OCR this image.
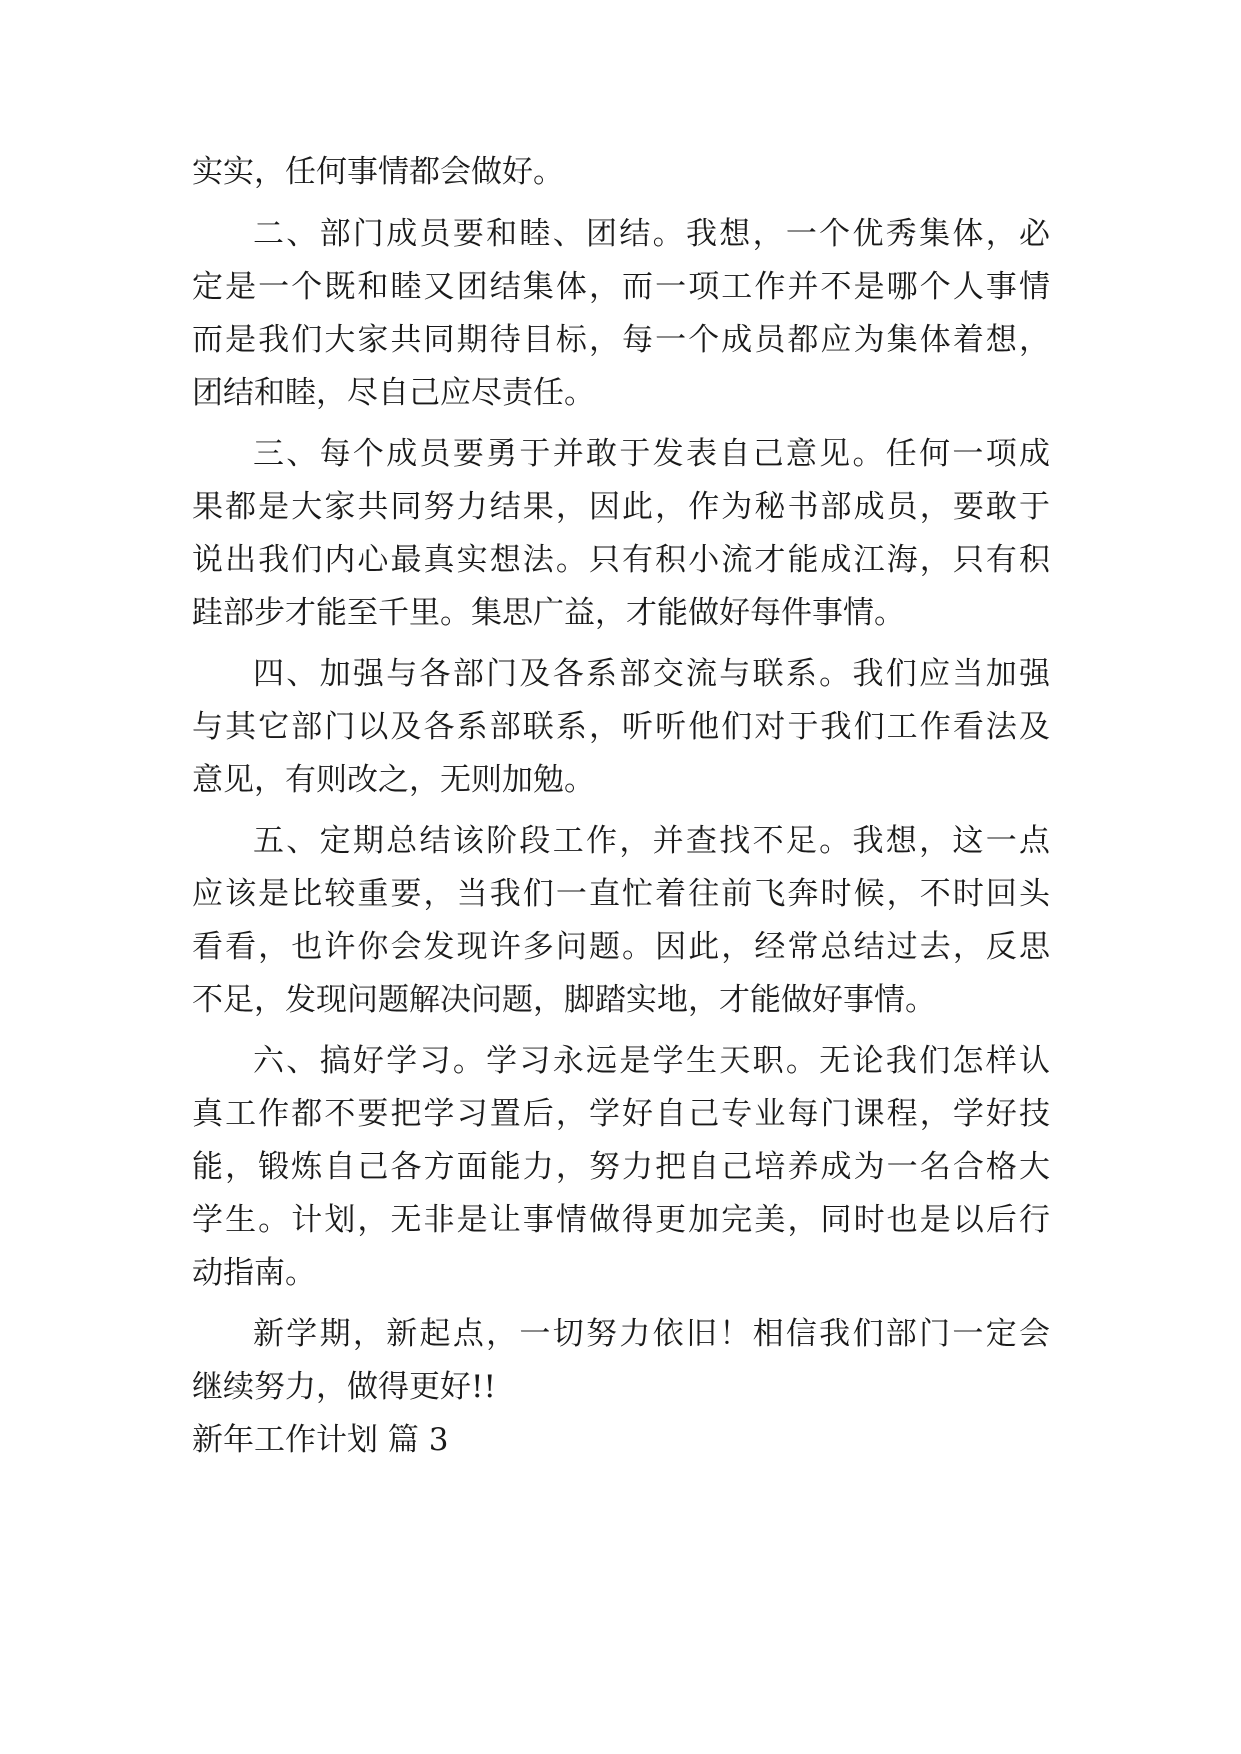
实实，任何事情都会做好。
二、部门成员要和睦、团结。我想，一个优秀集体，必
定是一个既和睦又团结集体，而一项工作并不是哪个人事情
而是我们大家共同期待目标，每一个成员都应为集体着想，
团结和睦，尽自己应尽责任。
三、每个成员要勇于并敢于发表自己意见。任何一项成
果都是大家共同努力结果，因此，作为秘书部成员，要敢于
说出我们内心最真实想法。只有积小流才能成江海，只有积
跬部步才能至千里。集思广益，才能做好每件事情。
四、加强与各部门及各系部交流与联系。我们应当加强
与其它部门以及各系部联系，听听他们对于我们工作看法及
意见，有则改之，无则加勉。
五、定期总结该阶段工作，并查找不足。我想，这一点
应该是比较重要，当我们一直忙着往前飞奔时候，不时回头
看看，也许你会发现许多问题。因此，经常总结过去，反思
不足，发现问题解决问题，脚踏实地，才能做好事情。
六、搞好学习。学习永远是学生天职。无论我们怎样认
真工作都不要把学习置后，学好自己专业每门课程，学好技
能，锻炼自己各方面能力，努力把自己培养成为一名合格大
学生。计划，无非是让事情做得更加完美，同时也是以后行
动指南。
新学期，新起点，一切努力依旧！相信我们部门一定会
继续努力，做得更好!!
新年工作计划 篇 3
